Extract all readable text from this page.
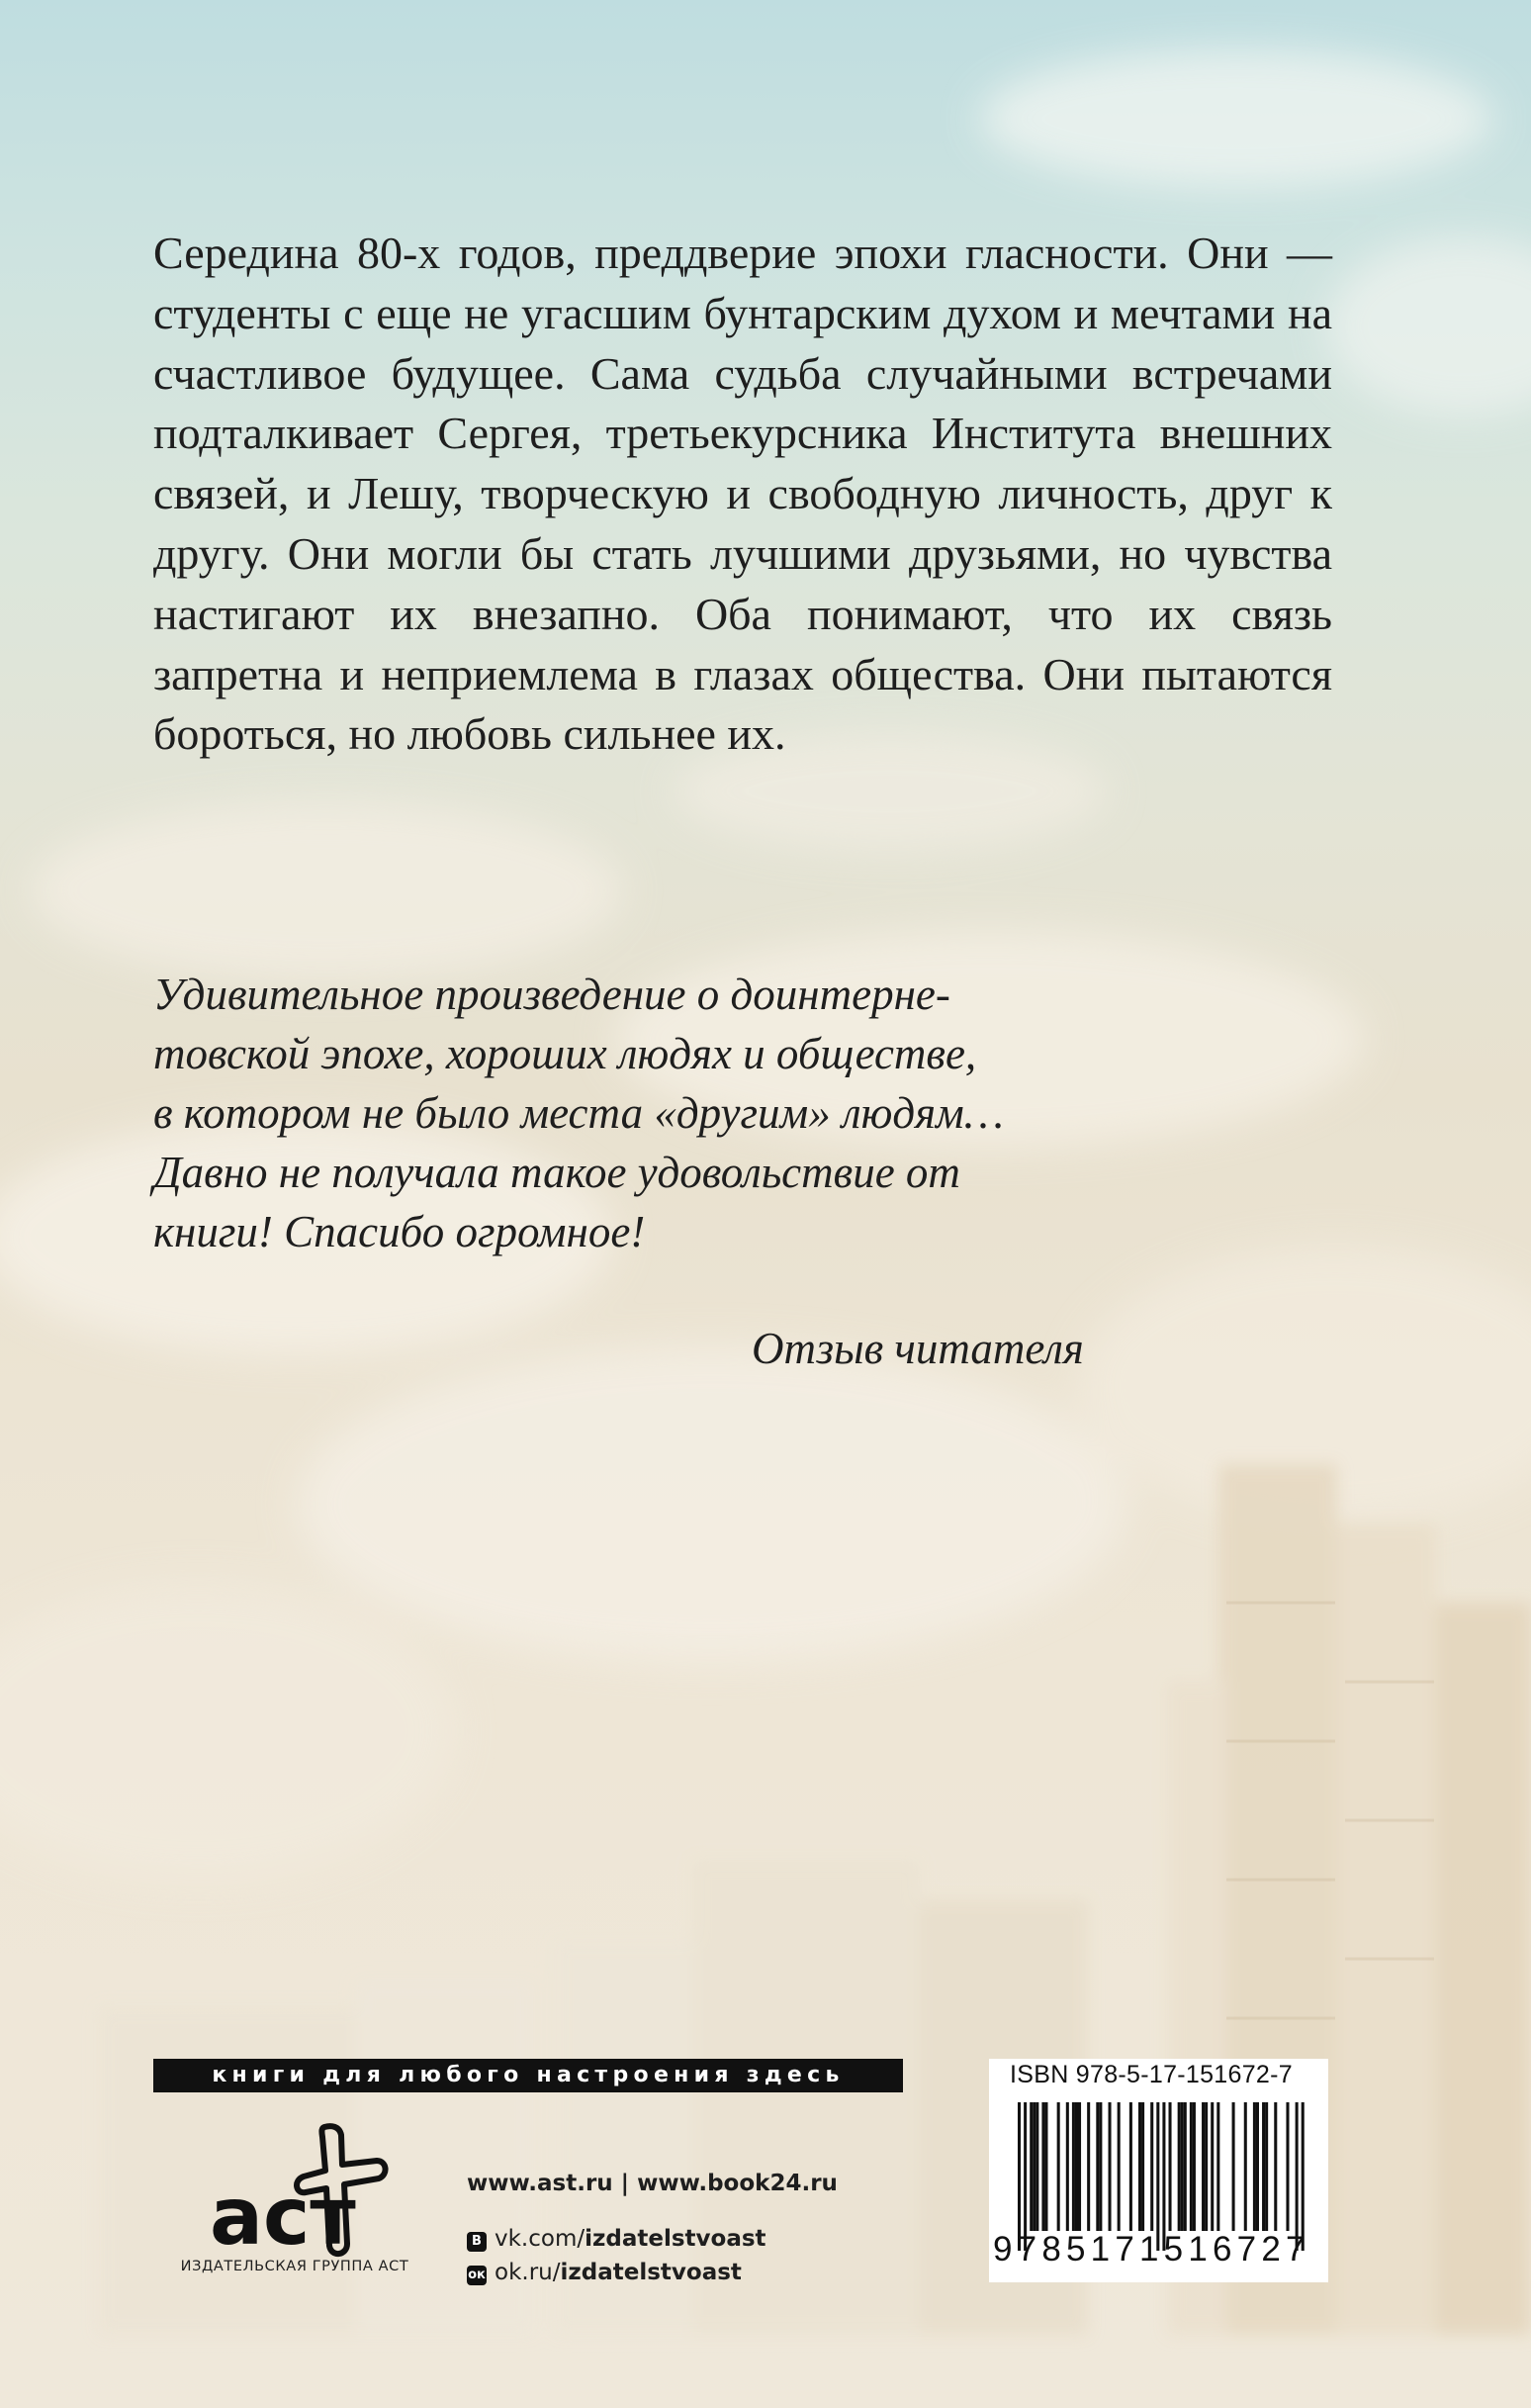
Середина 80-х годов, преддверие эпохи гласности. Они — студенты с еще не угасшим бунтарским духом и мечтами на счастливое будущее. Сама судьба случайными встречами подталкивает Сергея, третьекурсника Института внешних связей, и Лешу, творческую и свободную личность, друг к другу. Они могли бы стать лучшими друзьями, но чувства настигают их внезапно. Оба понимают, что их связь запретна и неприемлема в глазах общества. Они пытаются бороться, но любовь сильнее их.

Удивительное произведение о доинтерне-
товской эпохе, хороших людях и обществе,
в котором не было места «другим» людям…
Давно не получала такое удовольствие от
книги! Спасибо огромное!
Отзыв читателя
книги для любого настроения здесь
аст
ИЗДАТЕЛЬСКАЯ ГРУППА АСТ
www.ast.ru | www.book24.ru
В vk.com/izdatelstvoast
ок ok.ru/izdatelstvoast
ISBN 978-5-17-151672-7
9785171516727
